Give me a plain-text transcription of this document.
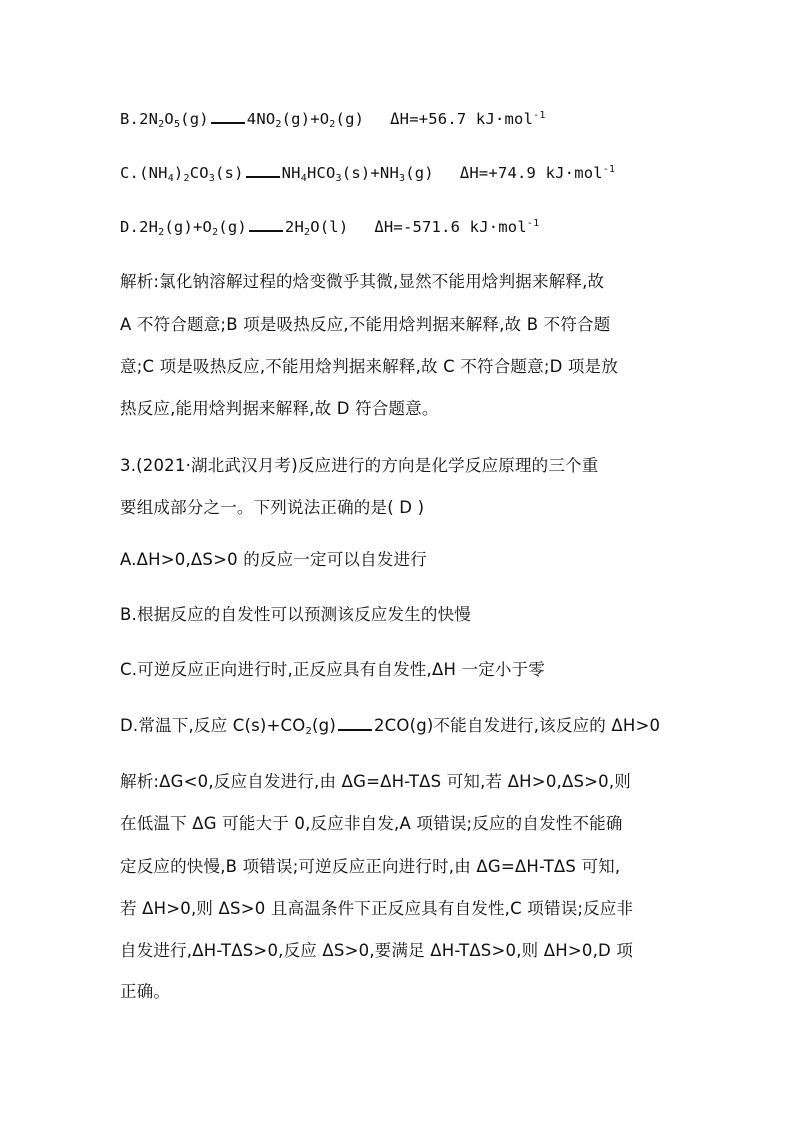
$B.2N_2O_5(g)$ $4NO_2(g)+O_2(g)$ ΔH=+56.7 kJ·mol$^{-1}$
$C.(NH_4)_2CO_3(s)$ $NH_4HCO_3(s)+NH_3(g)$ ΔH=+74.9 kJ·mol$^{-1}$
$D.2H_2(g)+O_2(g)$ $2H_2O(l)$ ΔH=-571.6 kJ·mol$^{-1}$
解析:氯化钠溶解过程的焓变微乎其微,显然不能用焓判据来解释,故
A 不符合题意;B 项是吸热反应,不能用焓判据来解释,故 B 不符合题
意;C 项是吸热反应,不能用焓判据来解释,故 C 不符合题意;D 项是放
热反应,能用焓判据来解释,故 D 符合题意。
3.(2021·湖北武汉月考)反应进行的方向是化学反应原理的三个重
要组成部分之一。下列说法正确的是( D )
A.ΔH>0,ΔS>0 的反应一定可以自发进行
B.根据反应的自发性可以预测该反应发生的快慢
C.可逆反应正向进行时,正反应具有自发性,ΔH 一定小于零
D.常温下,反应 $C(s)+CO_2(g)$ 2CO(g)不能自发进行,该反应的 ΔH>0
解析:ΔG<0,反应自发进行,由 ΔG=ΔH-TΔS 可知,若 ΔH>0,ΔS>0,则
在低温下 ΔG 可能大于 0,反应非自发,A 项错误;反应的自发性不能确
定反应的快慢,B 项错误;可逆反应正向进行时,由 ΔG=ΔH-TΔS 可知,
若 ΔH>0,则 ΔS>0 且高温条件下正反应具有自发性,C 项错误;反应非
自发进行,ΔH-TΔS>0,反应 ΔS>0,要满足 ΔH-TΔS>0,则 ΔH>0,D 项
正确。
